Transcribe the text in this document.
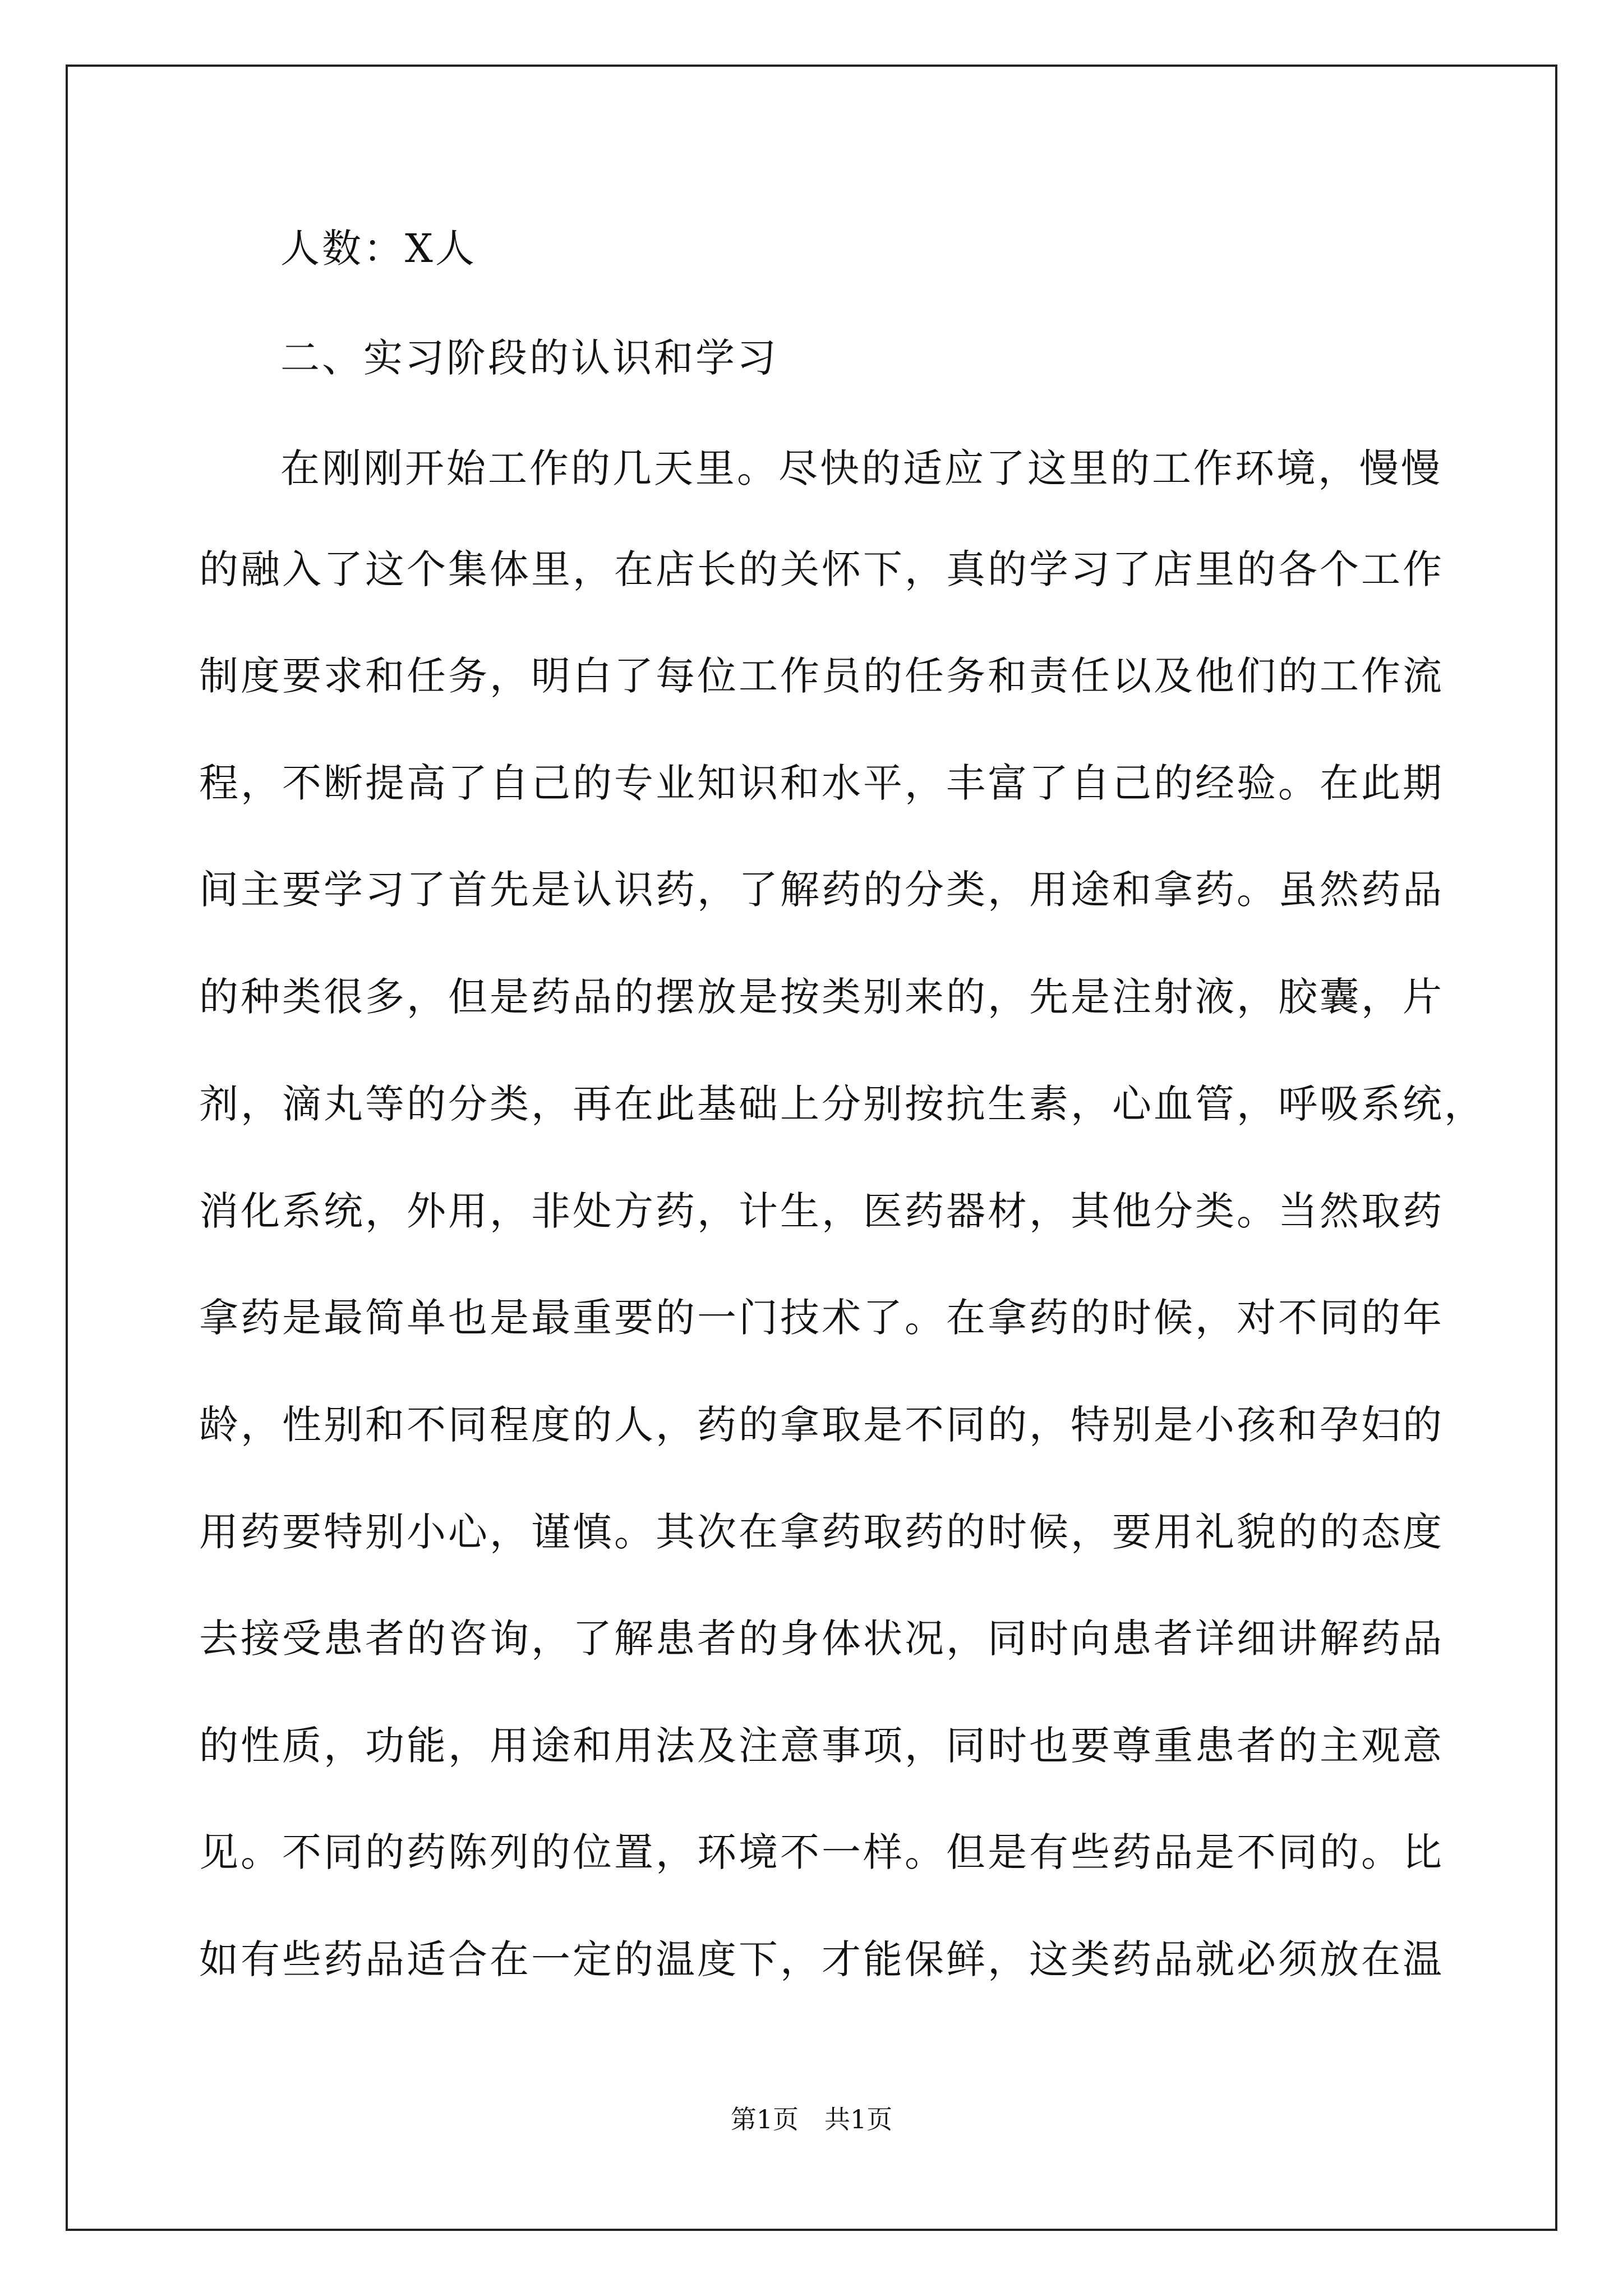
人数：X人
二、实习阶段的认识和学习
在刚刚开始工作的几天里。尽快的适应了这里的工作环境，慢慢
的融入了这个集体里，在店长的关怀下，真的学习了店里的各个工作
制度要求和任务，明白了每位工作员的任务和责任以及他们的工作流
程，不断提高了自己的专业知识和水平，丰富了自己的经验。在此期
间主要学习了首先是认识药，了解药的分类，用途和拿药。虽然药品
的种类很多，但是药品的摆放是按类别来的，先是注射液，胶囊，片
剂，滴丸等的分类，再在此基础上分别按抗生素，心血管，呼吸系统，
消化系统，外用，非处方药，计生，医药器材，其他分类。当然取药
拿药是最简单也是最重要的一门技术了。在拿药的时候，对不同的年
龄，性别和不同程度的人，药的拿取是不同的，特别是小孩和孕妇的
用药要特别小心，谨慎。其次在拿药取药的时候，要用礼貌的的态度
去接受患者的咨询，了解患者的身体状况，同时向患者详细讲解药品
的性质，功能，用途和用法及注意事项，同时也要尊重患者的主观意
见。不同的药陈列的位置，环境不一样。但是有些药品是不同的。比
如有些药品适合在一定的温度下，才能保鲜，这类药品就必须放在温
第1页　共1页
